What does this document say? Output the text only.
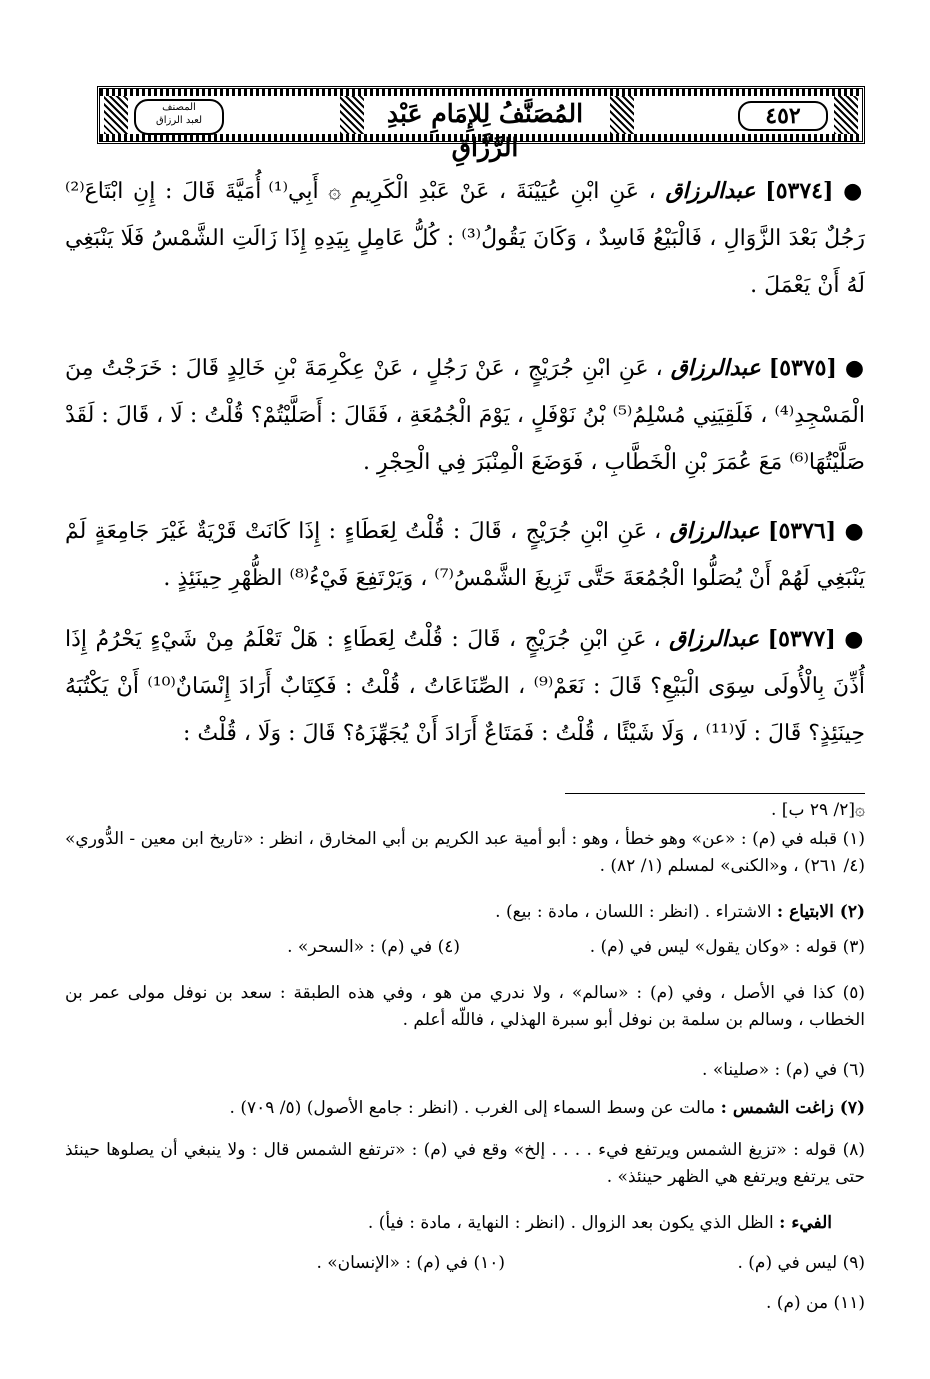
٤٥٢
المُصَنَّفُ لِلإِمَامِ عَبْدِ الرَّزَّاقِ
المصنف
لعبد الرزاق
● [٥٣٧٤] عبدالرزاق ، عَنِ ابْنِ عُيَيْنَةَ ، عَنْ عَبْدِ الْكَرِيمِ ۞ أَبِي⁽¹⁾ أُمَيَّةَ قَالَ : إِنِ ابْتَاعَ⁽²⁾ رَجُلٌ بَعْدَ الزَّوَالِ ، فَالْبَيْعُ فَاسِدٌ ، وَكَانَ يَقُولُ⁽³⁾ : كُلُّ عَامِلٍ بِيَدِهِ إِذَا زَالَتِ الشَّمْسُ فَلَا يَنْبَغِي لَهُ أَنْ يَعْمَلَ .
● [٥٣٧٥] عبدالرزاق ، عَنِ ابْنِ جُرَيْجٍ ، عَنْ رَجُلٍ ، عَنْ عِكْرِمَةَ بْنِ خَالِدٍ قَالَ : خَرَجْتُ مِنَ الْمَسْجِدِ⁽⁴⁾ ، فَلَقِيَنِي مُسْلِمُ⁽⁵⁾ بْنُ نَوْفَلٍ ، يَوْمَ الْجُمُعَةِ ، فَقَالَ : أَصَلَّيْتُمْ؟ قُلْتُ : لَا ، قَالَ : لَقَدْ صَلَّيْتُهَا⁽⁶⁾ مَعَ عُمَرَ بْنِ الْخَطَّابِ ، فَوَضَعَ الْمِنْبَرَ فِي الْحِجْرِ .
● [٥٣٧٦] عبدالرزاق ، عَنِ ابْنِ جُرَيْجٍ ، قَالَ : قُلْتُ لِعَطَاءٍ : إِذَا كَانَتْ قَرْيَةٌ غَيْرَ جَامِعَةٍ لَمْ يَنْبَغِي لَهُمْ أَنْ يُصَلُّوا الْجُمُعَةَ حَتَّى تَزِيغَ الشَّمْسُ⁽⁷⁾ ، وَيَرْتَفِعَ فَيْءُ⁽⁸⁾ الظُّهْرِ حِينَئِذٍ .
● [٥٣٧٧] عبدالرزاق ، عَنِ ابْنِ جُرَيْجٍ ، قَالَ : قُلْتُ لِعَطَاءٍ : هَلْ تَعْلَمُ مِنْ شَيْءٍ يَحْرُمُ إِذَا أُذِّنَ بِالْأُولَى سِوَى الْبَيْعِ؟ قَالَ : نَعَمْ⁽⁹⁾ ، الصِّنَاعَاتُ ، قُلْتُ : فَكِتَابٌ أَرَادَ إِنْسَانٌ⁽¹⁰⁾ أَنْ يَكْتُبَهُ حِينَئِذٍ؟ قَالَ : لَا⁽¹¹⁾ ، وَلَا شَيْئًا ، قُلْتُ : فَمَتَاعٌ أَرَادَ أَنْ يُجَهِّزَهُ؟ قَالَ : وَلَا ، قُلْتُ :
۞[٢/ ٢٩ ب] .
(١) قبله في (م) : «عن» وهو خطأ ، وهو : أبو أمية عبد الكريم بن أبي المخارق ، انظر : «تاريخ ابن معين - الدُّوري» (٤/ ٢٦١) ، و«الكنى» لمسلم (١/ ٨٢) .
(٢) الابتياع : الاشتراء . (انظر : اللسان ، مادة : بيع) .
(٣) قوله : «وكان يقول» ليس في (م) .
(٤) في (م) : «السحر» .
(٥) كذا في الأصل ، وفي (م) : «سالم» ، ولا ندري من هو ، وفي هذه الطبقة : سعد بن نوفل مولى عمر بن الخطاب ، وسالم بن سلمة بن نوفل أبو سبرة الهذلي ، فاللّه أعلم .
(٦) في (م) : «صلينا» .
(٧) زاغت الشمس : مالت عن وسط السماء إلى الغرب . (انظر : جامع الأصول) (٥/ ٧٠٩) .
(٨) قوله : «تزيغ الشمس ويرتفع فيء . . . . إلخ» وقع في (م) : «ترتفع الشمس قال : ولا ينبغي أن يصلوها حينئذ حتى يرتفع ويرتفع هي الظهر حينئذ» .
الفيء : الظل الذي يكون بعد الزوال . (انظر : النهاية ، مادة : فيأ) .
(٩) ليس في (م) .
(١٠) في (م) : «الإنسان» .
(١١) من (م) .
